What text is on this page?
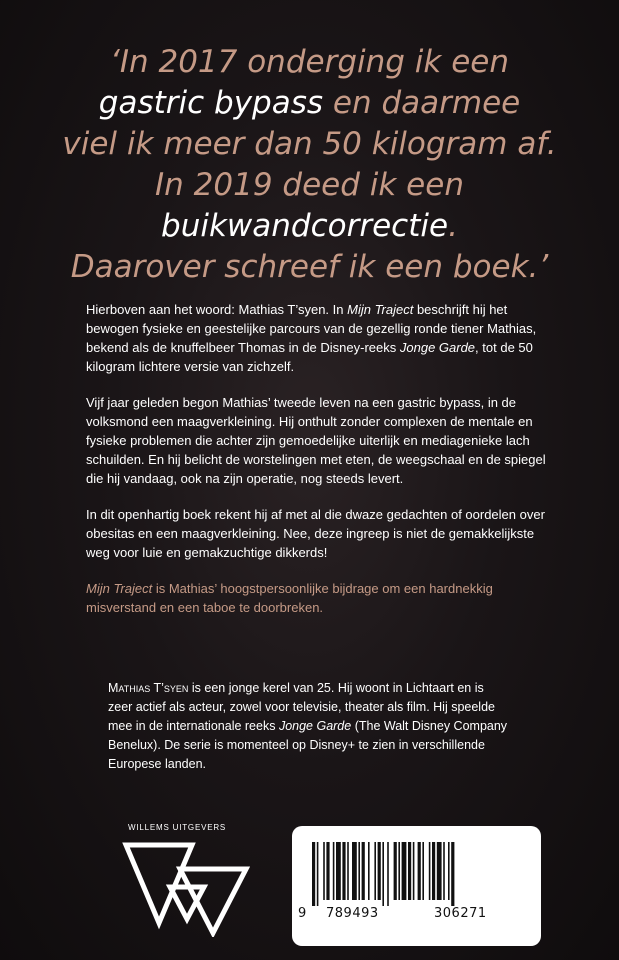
‘In 2017 onderging ik een
gastric bypass en daarmee
viel ik meer dan 50 kilogram af.
In 2019 deed ik een
buikwandcorrectie.
Daarover schreef ik een boek.’

Hierboven aan het woord: Mathias T’syen. In Mijn Traject beschrijft hij het bewogen fysieke en geestelijke parcours van de gezellig ronde tiener Mathias, bekend als de knuffelbeer Thomas in de Disney-reeks Jonge Garde, tot de 50 kilogram lichtere versie van zichzelf.

Vijf jaar geleden begon Mathias’ tweede leven na een gastric bypass, in de volksmond een maagverkleining. Hij onthult zonder complexen de mentale en fysieke problemen die achter zijn gemoedelijke uiterlijk en mediagenieke lach schuilden. En hij belicht de worstelingen met eten, de weegschaal en de spiegel die hij vandaag, ook na zijn operatie, nog steeds levert.

In dit openhartig boek rekent hij af met al die dwaze gedachten of oordelen over obesitas en een maagverkleining. Nee, deze ingreep is niet de gemakkelijkste weg voor luie en gemakzuchtige dikkerds!

Mijn Traject is Mathias’ hoogstpersoonlijke bijdrage om een hardnekkig misverstand en een taboe te doorbreken.

Mathias T’syen is een jonge kerel van 25. Hij woont in Lichtaart en is zeer actief als acteur, zowel voor televisie, theater als film. Hij speelde mee in de internationale reeks Jonge Garde (The Walt Disney Company Benelux). De serie is momenteel op Disney+ te zien in verschillende Europese landen.

WILLEMS UITGEVERS
9 789493	306271
